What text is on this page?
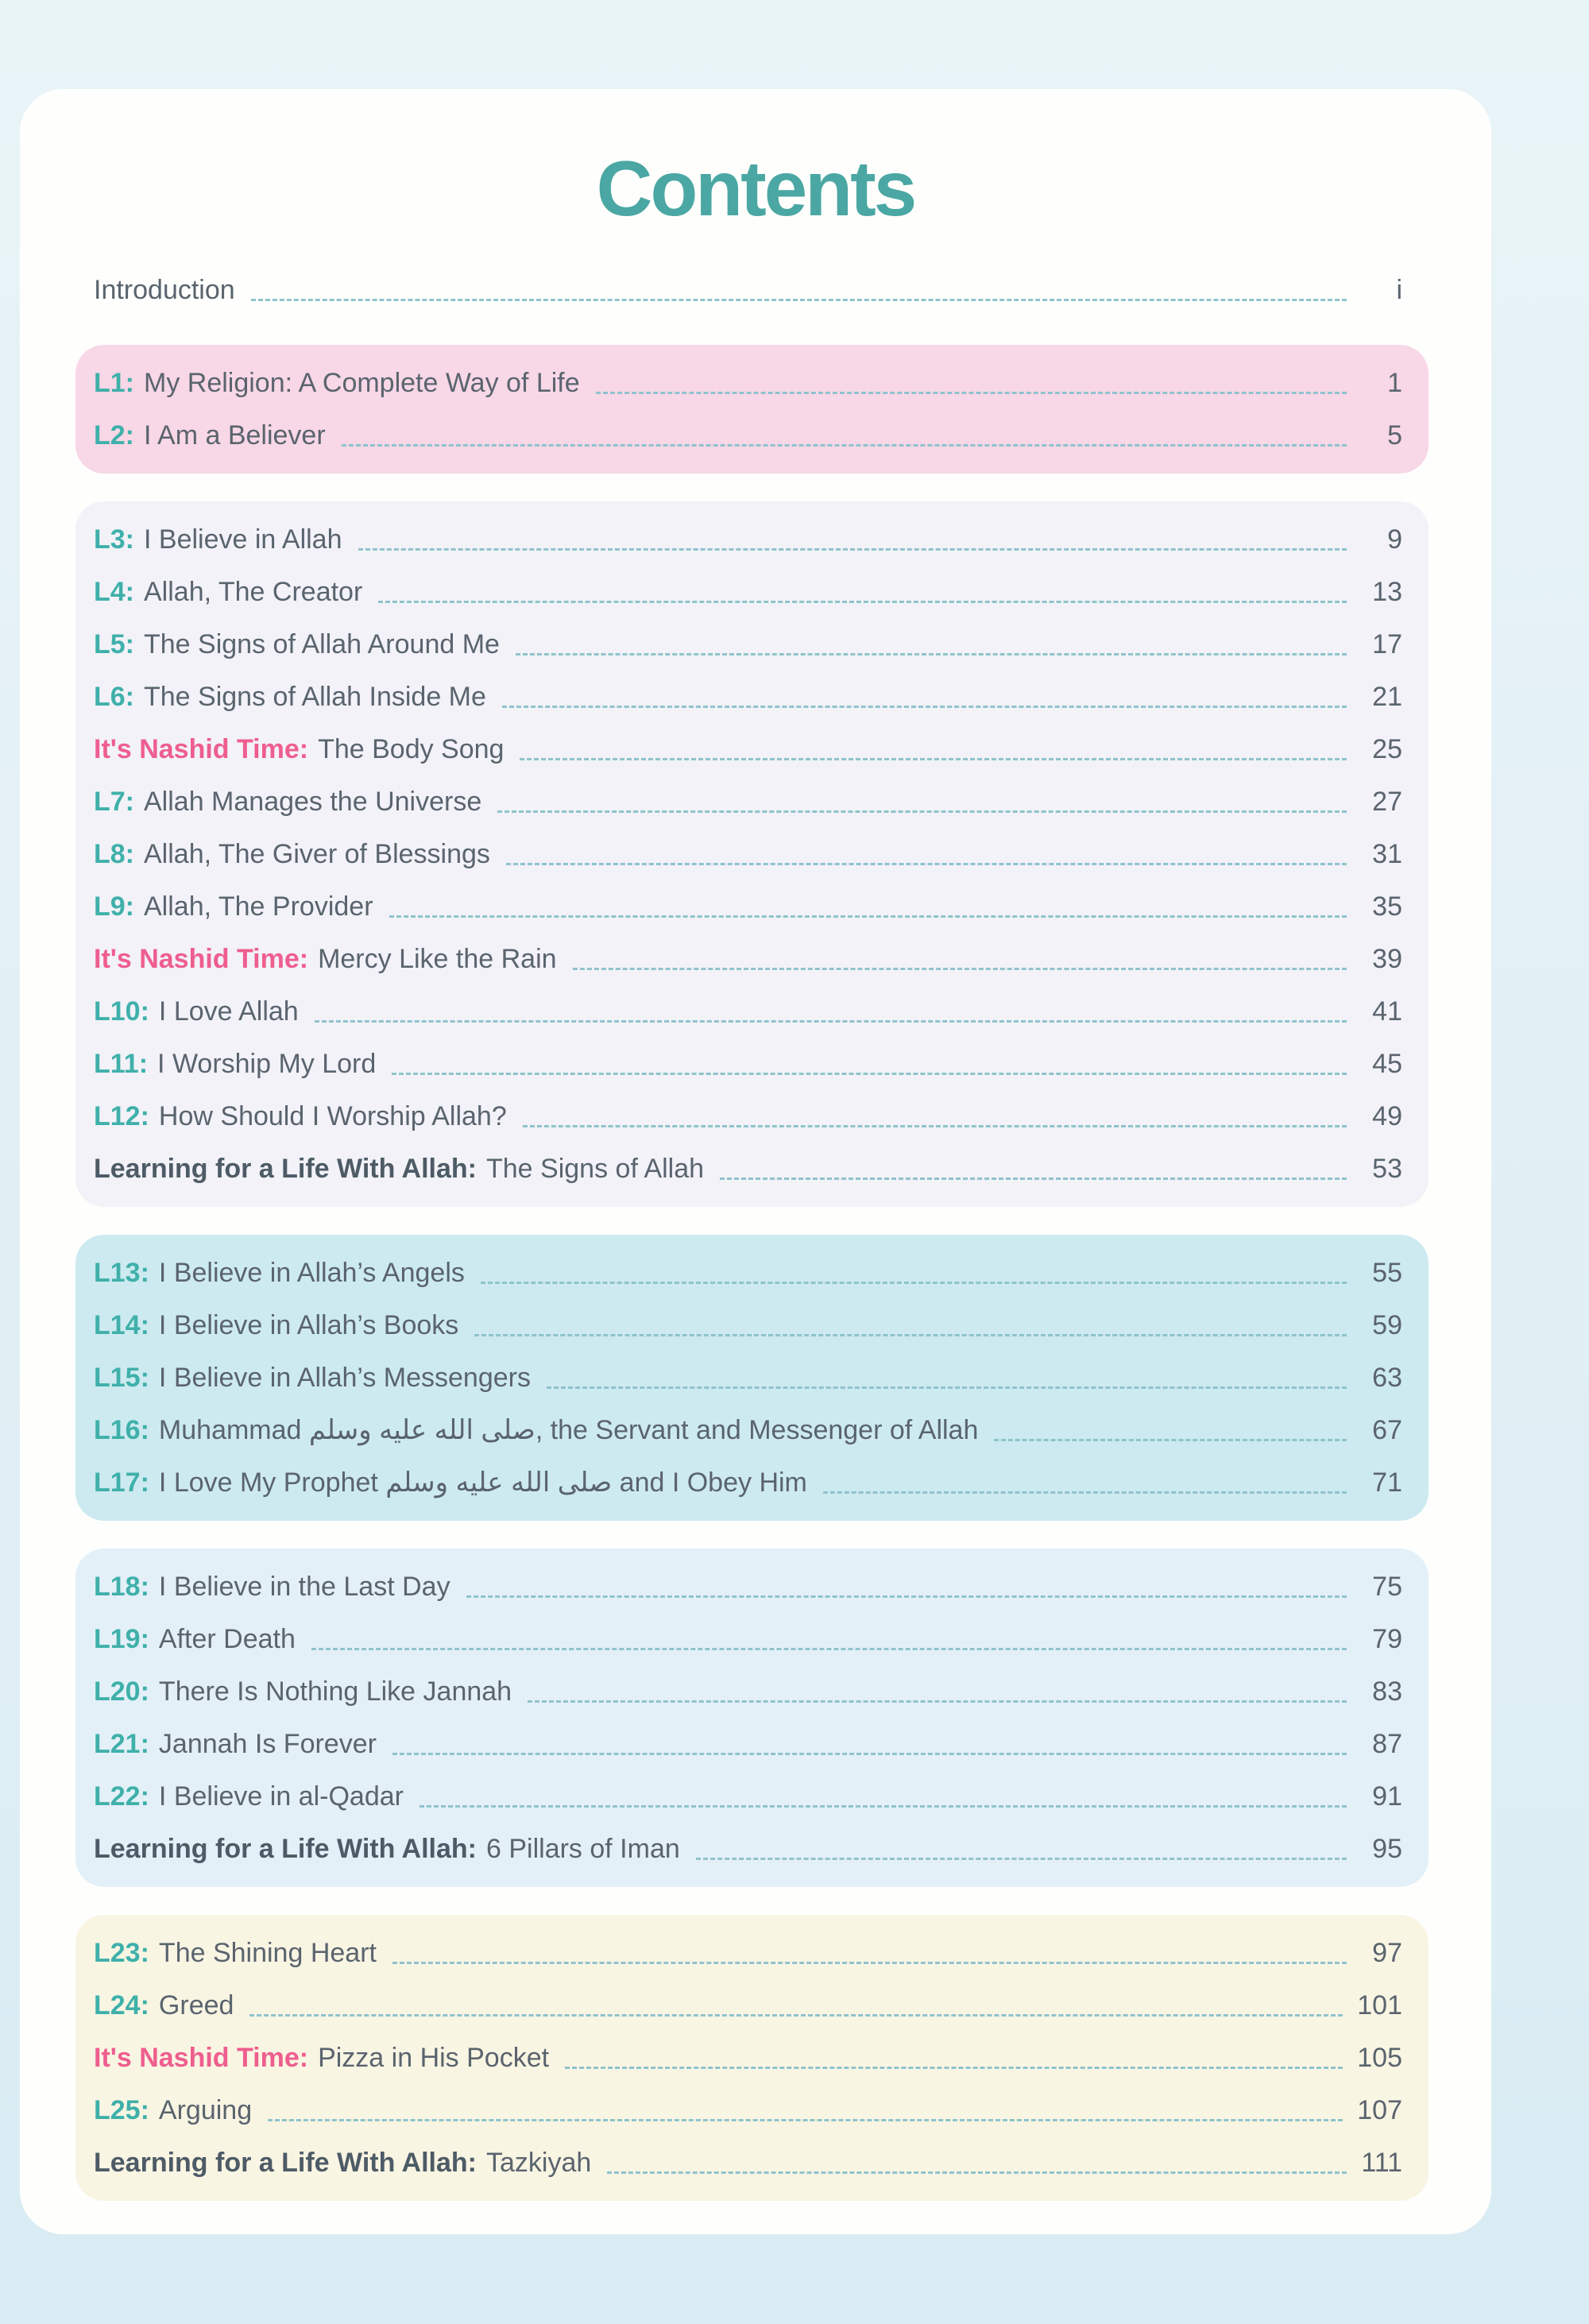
Contents
Introduction	i
L1: My Religion: A Complete Way of Life	1
L2: I Am a Believer	5
L3: I Believe in Allah	9
L4: Allah, The Creator	13
L5: The Signs of Allah Around Me	17
L6: The Signs of Allah Inside Me	21
It's Nashid Time: The Body Song	25
L7: Allah Manages the Universe	27
L8: Allah, The Giver of Blessings	31
L9: Allah, The Provider	35
It's Nashid Time: Mercy Like the Rain	39
L10: I Love Allah	41
L11: I Worship My Lord	45
L12: How Should I Worship Allah?	49
Learning for a Life With Allah: The Signs of Allah	53
L13: I Believe in Allah’s Angels	55
L14: I Believe in Allah’s Books	59
L15: I Believe in Allah’s Messengers	63
L16: Muhammad صلى الله عليه وسلم, the Servant and Messenger of Allah	67
L17: I Love My Prophet صلى الله عليه وسلم and I Obey Him	71
L18: I Believe in the Last Day	75
L19: After Death	79
L20: There Is Nothing Like Jannah	83
L21: Jannah Is Forever	87
L22: I Believe in al-Qadar	91
Learning for a Life With Allah: 6 Pillars of Iman	95
L23: The Shining Heart	97
L24: Greed	101
It's Nashid Time: Pizza in His Pocket	105
L25: Arguing	107
Learning for a Life With Allah: Tazkiyah	111
